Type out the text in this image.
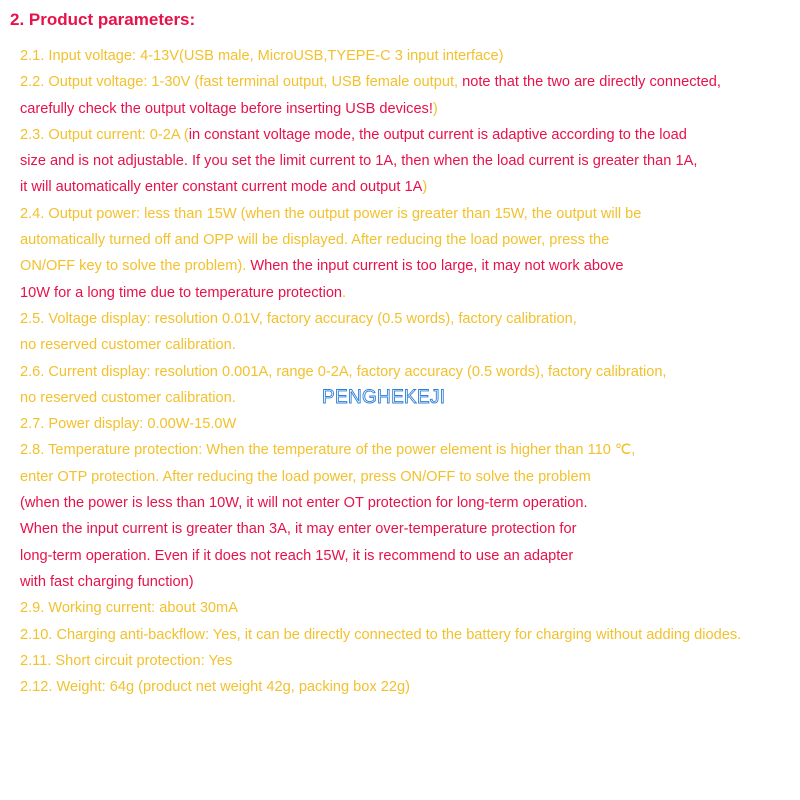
2. Product parameters:
2.1. Input voltage: 4-13V(USB male, MicroUSB,TYEPE-C 3 input interface)
2.2. Output voltage: 1-30V (fast terminal output, USB female output, note that the two are directly connected,
carefully check the output voltage before inserting USB devices!)
2.3. Output current: 0-2A (in constant voltage mode, the output current is adaptive according to the load
size and is not adjustable. If you set the limit current to 1A, then when the load current is greater than 1A,
it will automatically enter constant current mode and output 1A)
2.4. Output power: less than 15W (when the output power is greater than 15W, the output will be
automatically turned off and OPP will be displayed. After reducing the load power, press the
ON/OFF key to solve the problem). When the input current is too large, it may not work above
10W for a long time due to temperature protection.
2.5. Voltage display: resolution 0.01V, factory accuracy (0.5 words), factory calibration,
no reserved customer calibration.
2.6. Current display: resolution 0.001A, range 0-2A, factory accuracy (0.5 words), factory calibration,
no reserved customer calibration.
2.7. Power display: 0.00W-15.0W
2.8. Temperature protection: When the temperature of the power element is higher than 110 ℃,
enter OTP protection. After reducing the load power, press ON/OFF to solve the problem
(when the power is less than 10W, it will not enter OT protection for long-term operation.
When the input current is greater than 3A, it may enter over-temperature protection for
long-term operation. Even if it does not reach 15W, it is recommend to use an adapter
with fast charging function)
2.9. Working current: about 30mA
2.10. Charging anti-backflow: Yes, it can be directly connected to the battery for charging without adding diodes.
2.11. Short circuit protection: Yes
2.12. Weight: 64g (product net weight 42g, packing box 22g)
PENGHEKEJI
